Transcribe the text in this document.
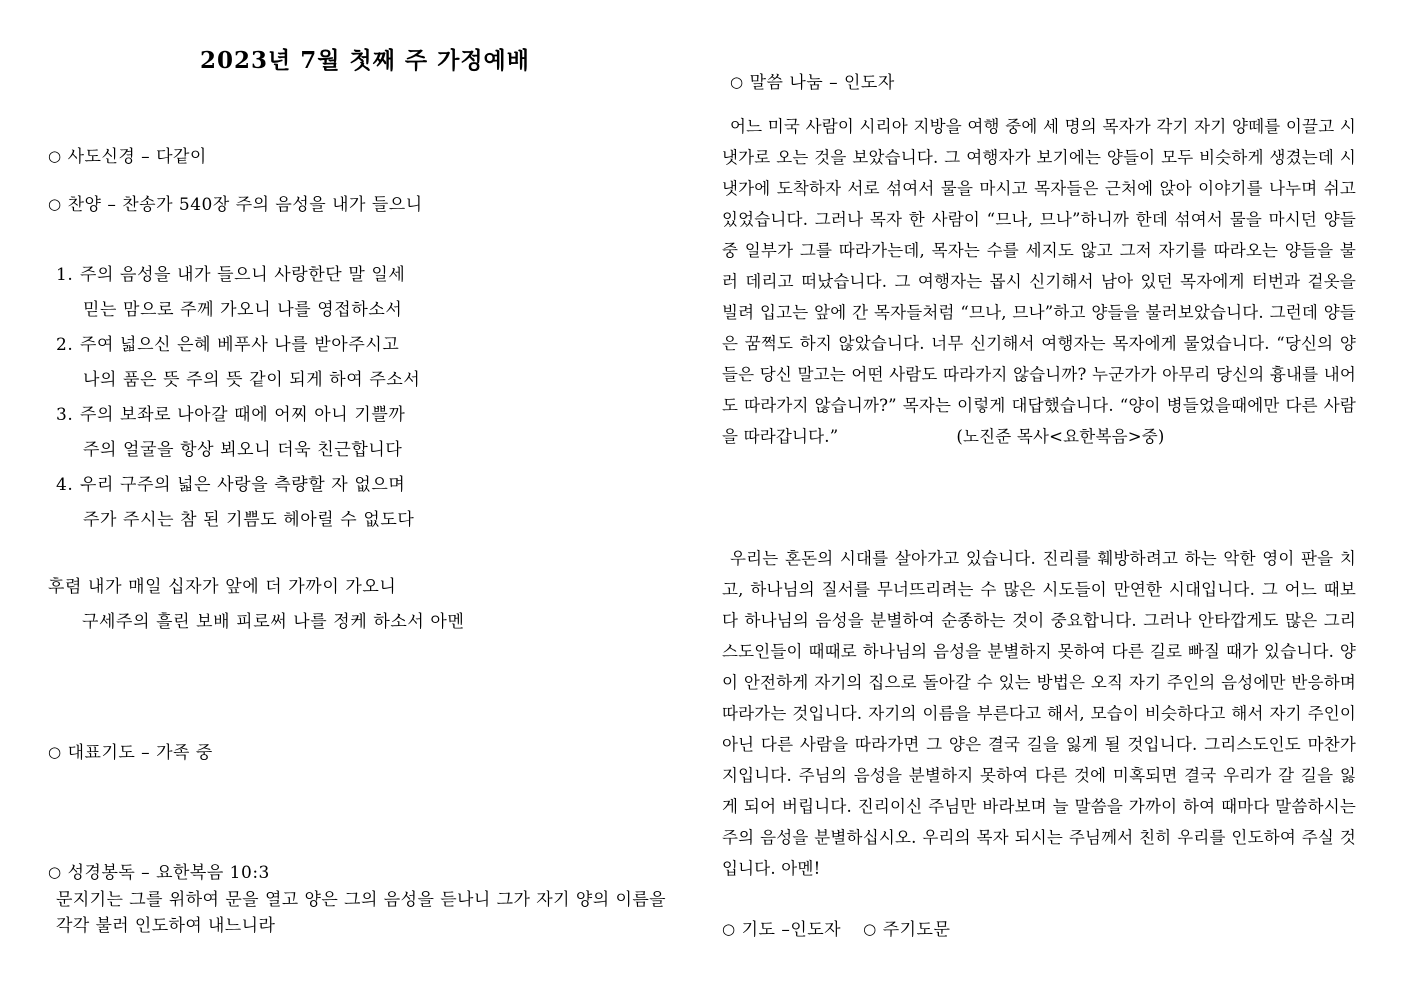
2023년 7월 첫째 주 가정예배
○ 사도신경 – 다같이
○ 찬양 – 찬송가 540장 주의 음성을 내가 들으니
1. 주의 음성을 내가 들으니 사랑한단 말 일세
믿는 맘으로 주께 가오니 나를 영접하소서
2. 주여 넓으신 은혜 베푸사 나를 받아주시고
나의 품은 뜻 주의 뜻 같이 되게 하여 주소서
3. 주의 보좌로 나아갈 때에 어찌 아니 기쁠까
주의 얼굴을 항상 뵈오니 더욱 친근합니다
4. 우리 구주의 넓은 사랑을 측량할 자 없으며
주가 주시는 참 된 기쁨도 헤아릴 수 없도다
후렴 내가 매일 십자가 앞에 더 가까이 가오니
구세주의 흘린 보배 피로써 나를 정케 하소서 아멘
○ 대표기도 – 가족 중
○ 성경봉독 – 요한복음 10:3
문지기는 그를 위하여 문을 열고 양은 그의 음성을 듣나니 그가 자기 양의 이름을 각각 불러 인도하여 내느니라
○ 말씀 나눔 – 인도자
어느 미국 사람이 시리아 지방을 여행 중에 세 명의 목자가 각기 자기 양떼를 이끌고 시냇가로 오는 것을 보았습니다. 그 여행자가 보기에는 양들이 모두 비슷하게 생겼는데 시냇가에 도착하자 서로 섞여서 물을 마시고 목자들은 근처에 앉아 이야기를 나누며 쉬고 있었습니다. 그러나 목자 한 사람이 “므나, 므나”하니까 한데 섞여서 물을 마시던 양들 중 일부가 그를 따라가는데, 목자는 수를 세지도 않고 그저 자기를 따라오는 양들을 불러 데리고 떠났습니다. 그 여행자는 몹시 신기해서 남아 있던 목자에게 터번과 겉옷을 빌려 입고는 앞에 간 목자들처럼 “므나, 므나”하고 양들을 불러보았습니다. 그런데 양들은 꿈쩍도 하지 않았습니다. 너무 신기해서 여행자는 목자에게 물었습니다. “당신의 양들은 당신 말고는 어떤 사람도 따라가지 않습니까? 누군가가 아무리 당신의 흉내를 내어도 따라가지 않습니까?” 목자는 이렇게 대답했습니다. “양이 병들었을때에만 다른 사람을 따라갑니다.”	(노진준 목사<요한복음>중)
우리는 혼돈의 시대를 살아가고 있습니다. 진리를 훼방하려고 하는 악한 영이 판을 치고, 하나님의 질서를 무너뜨리려는 수 많은 시도들이 만연한 시대입니다. 그 어느 때보다 하나님의 음성을 분별하여 순종하는 것이 중요합니다. 그러나 안타깝게도 많은 그리스도인들이 때때로 하나님의 음성을 분별하지 못하여 다른 길로 빠질 때가 있습니다. 양이 안전하게 자기의 집으로 돌아갈 수 있는 방법은 오직 자기 주인의 음성에만 반응하며 따라가는 것입니다. 자기의 이름을 부른다고 해서, 모습이 비슷하다고 해서 자기 주인이 아닌 다른 사람을 따라가면 그 양은 결국 길을 잃게 될 것입니다. 그리스도인도 마찬가지입니다. 주님의 음성을 분별하지 못하여 다른 것에 미혹되면 결국 우리가 갈 길을 잃게 되어 버립니다. 진리이신 주님만 바라보며 늘 말씀을 가까이 하여 때마다 말씀하시는 주의 음성을 분별하십시오. 우리의 목자 되시는 주님께서 친히 우리를 인도하여 주실 것입니다. 아멘!
○ 기도 –인도자 ○ 주기도문
